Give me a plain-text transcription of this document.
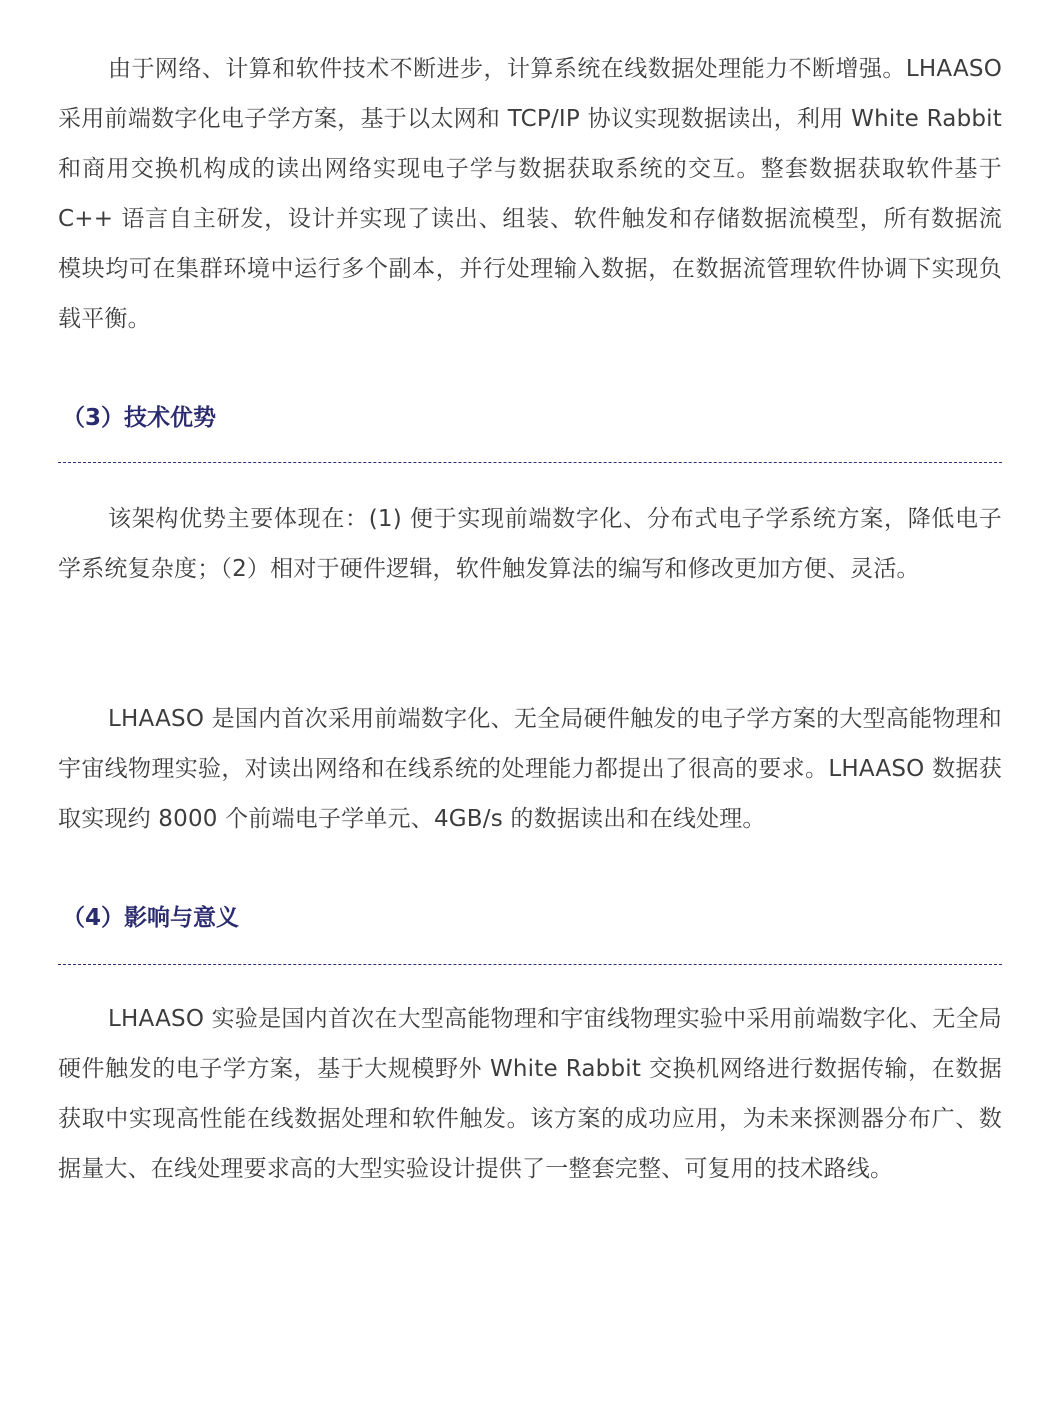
由于网络、计算和软件技术不断进步，计算系统在线数据处理能力不断增强。LHAASO 采用前端数字化电子学方案，基于以太网和 TCP/IP 协议实现数据读出，利用 White Rabbit 和商用交换机构成的读出网络实现电子学与数据获取系统的交互。整套数据获取软件基于 C++ 语言自主研发，设计并实现了读出、组装、软件触发和存储数据流模型，所有数据流模块均可在集群环境中运行多个副本，并行处理输入数据，在数据流管理软件协调下实现负载平衡。

（3）技术优势

该架构优势主要体现在：(1) 便于实现前端数字化、分布式电子学系统方案，降低电子学系统复杂度；（2）相对于硬件逻辑，软件触发算法的编写和修改更加方便、灵活。

LHAASO 是国内首次采用前端数字化、无全局硬件触发的电子学方案的大型高能物理和宇宙线物理实验，对读出网络和在线系统的处理能力都提出了很高的要求。LHAASO 数据获取实现约 8000 个前端电子学单元、4GB/s 的数据读出和在线处理。

（4）影响与意义

LHAASO 实验是国内首次在大型高能物理和宇宙线物理实验中采用前端数字化、无全局硬件触发的电子学方案，基于大规模野外 White Rabbit 交换机网络进行数据传输，在数据获取中实现高性能在线数据处理和软件触发。该方案的成功应用，为未来探测器分布广、数据量大、在线处理要求高的大型实验设计提供了一整套完整、可复用的技术路线。
